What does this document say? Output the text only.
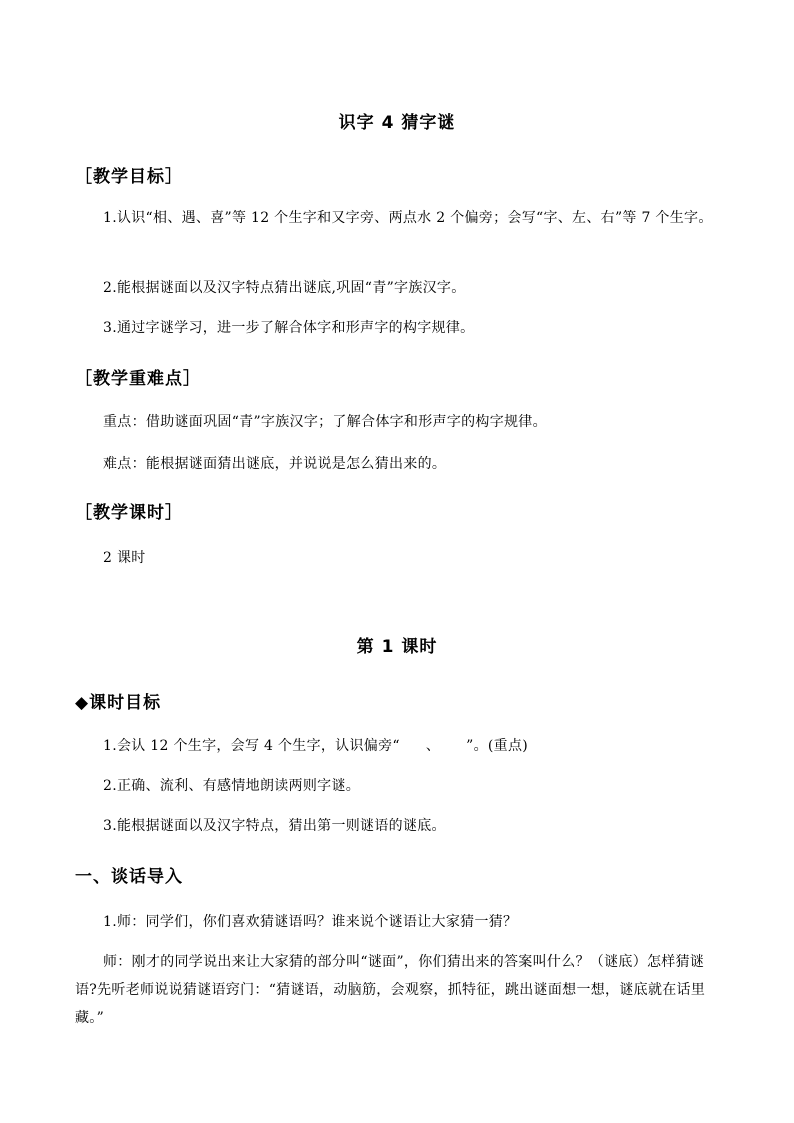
识字 4 猜字谜
［教学目标］
1.认识“相、遇、喜”等 12 个生字和又字旁、两点水 2 个偏旁；会写“字、左、右”等 7 个生字。
2.能根据谜面以及汉字特点猜出谜底,巩固“青”字族汉字。
3.通过字谜学习，进一步了解合体字和形声字的构字规律。
［教学重难点］
重点：借助谜面巩固“青”字族汉字；了解合体字和形声字的构字规律。
难点：能根据谜面猜出谜底，并说说是怎么猜出来的。
［教学课时］
2 课时
第 1 课时
◆课时目标
1.会认 12 个生字，会写 4 个生字，认识偏旁“ 、 ”。(重点)
2.正确、流利、有感情地朗读两则字谜。
3.能根据谜面以及汉字特点，猜出第一则谜语的谜底。
一、谈话导入
1.师：同学们，你们喜欢猜谜语吗？谁来说个谜语让大家猜一猜？
师：刚才的同学说出来让大家猜的部分叫“谜面”，你们猜出来的答案叫什么？（谜底）怎样猜谜语?先听老师说说猜谜语窍门：“猜谜语，动脑筋，会观察，抓特征，跳出谜面想一想，谜底就在话里藏。”
